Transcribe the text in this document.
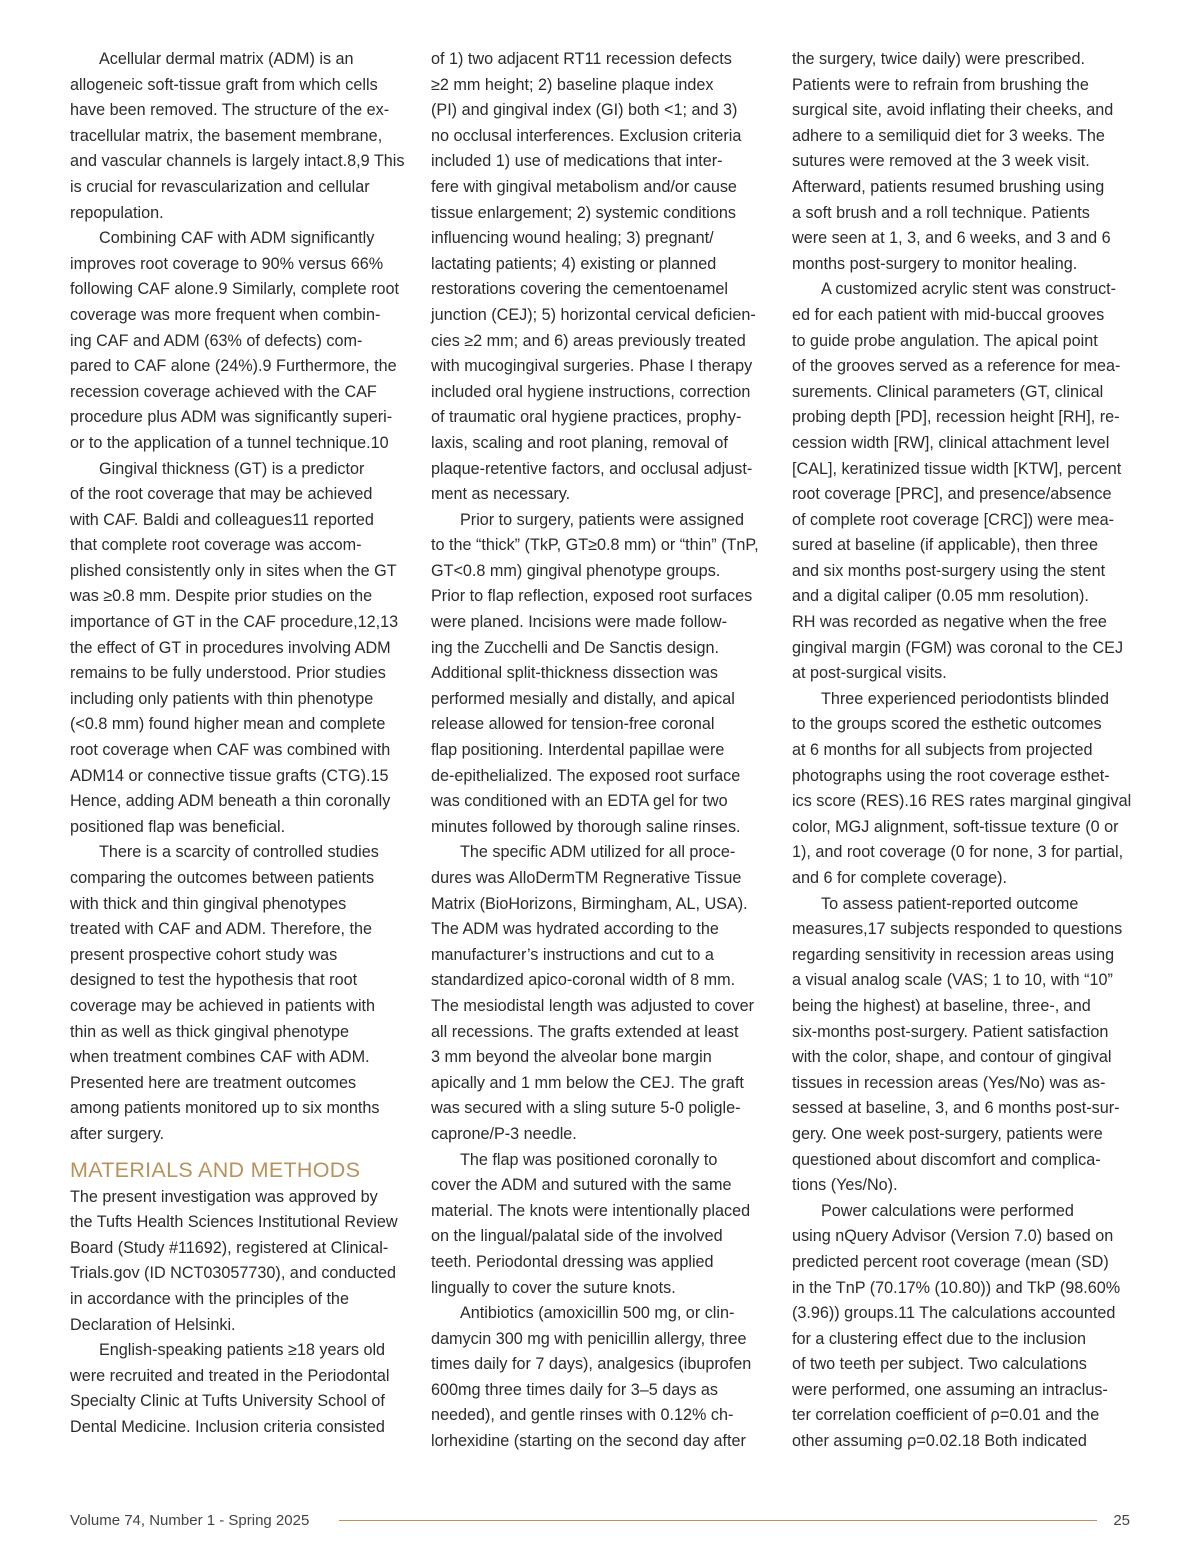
Acellular dermal matrix (ADM) is an
allogeneic soft-tissue graft from which cells
have been removed. The structure of the ex-
tracellular matrix, the basement membrane,
and vascular channels is largely intact.8,9 This
is crucial for revascularization and cellular
repopulation.
Combining CAF with ADM significantly
improves root coverage to 90% versus 66%
following CAF alone.9 Similarly, complete root
coverage was more frequent when combin-
ing CAF and ADM (63% of defects) com-
pared to CAF alone (24%).9 Furthermore, the
recession coverage achieved with the CAF
procedure plus ADM was significantly superi-
or to the application of a tunnel technique.10
Gingival thickness (GT) is a predictor
of the root coverage that may be achieved
with CAF. Baldi and colleagues11 reported
that complete root coverage was accom-
plished consistently only in sites when the GT
was ≥0.8 mm. Despite prior studies on the
importance of GT in the CAF procedure,12,13
the effect of GT in procedures involving ADM
remains to be fully understood. Prior studies
including only patients with thin phenotype
(<0.8 mm) found higher mean and complete
root coverage when CAF was combined with
ADM14 or connective tissue grafts (CTG).15
Hence, adding ADM beneath a thin coronally
positioned flap was beneficial.
There is a scarcity of controlled studies
comparing the outcomes between patients
with thick and thin gingival phenotypes
treated with CAF and ADM. Therefore, the
present prospective cohort study was
designed to test the hypothesis that root
coverage may be achieved in patients with
thin as well as thick gingival phenotype
when treatment combines CAF with ADM.
Presented here are treatment outcomes
among patients monitored up to six months
after surgery.
MATERIALS AND METHODS
The present investigation was approved by
the Tufts Health Sciences Institutional Review
Board (Study #11692), registered at Clinical-
Trials.gov (ID NCT03057730), and conducted
in accordance with the principles of the
Declaration of Helsinki.
English-speaking patients ≥18 years old
were recruited and treated in the Periodontal
Specialty Clinic at Tufts University School of
Dental Medicine. Inclusion criteria consisted
of 1) two adjacent RT11 recession defects
≥2 mm height; 2) baseline plaque index
(PI) and gingival index (GI) both <1; and 3)
no occlusal interferences. Exclusion criteria
included 1) use of medications that inter-
fere with gingival metabolism and/or cause
tissue enlargement; 2) systemic conditions
influencing wound healing; 3) pregnant/
lactating patients; 4) existing or planned
restorations covering the cementoenamel
junction (CEJ); 5) horizontal cervical deficien-
cies ≥2 mm; and 6) areas previously treated
with mucogingival surgeries. Phase I therapy
included oral hygiene instructions, correction
of traumatic oral hygiene practices, prophy-
laxis, scaling and root planing, removal of
plaque-retentive factors, and occlusal adjust-
ment as necessary.
Prior to surgery, patients were assigned
to the “thick” (TkP, GT≥0.8 mm) or “thin” (TnP,
GT<0.8 mm) gingival phenotype groups.
Prior to flap reflection, exposed root surfaces
were planed. Incisions were made follow-
ing the Zucchelli and De Sanctis design.
Additional split-thickness dissection was
performed mesially and distally, and apical
release allowed for tension-free coronal
flap positioning. Interdental papillae were
de-epithelialized. The exposed root surface
was conditioned with an EDTA gel for two
minutes followed by thorough saline rinses.
The specific ADM utilized for all proce-
dures was AlloDermTM Regnerative Tissue
Matrix (BioHorizons, Birmingham, AL, USA).
The ADM was hydrated according to the
manufacturer’s instructions and cut to a
standardized apico-coronal width of 8 mm.
The mesiodistal length was adjusted to cover
all recessions. The grafts extended at least
3 mm beyond the alveolar bone margin
apically and 1 mm below the CEJ. The graft
was secured with a sling suture 5-0 poligle-
caprone/P-3 needle.
The flap was positioned coronally to
cover the ADM and sutured with the same
material. The knots were intentionally placed
on the lingual/palatal side of the involved
teeth. Periodontal dressing was applied
lingually to cover the suture knots.
Antibiotics (amoxicillin 500 mg, or clin-
damycin 300 mg with penicillin allergy, three
times daily for 7 days), analgesics (ibuprofen
600mg three times daily for 3–5 days as
needed), and gentle rinses with 0.12% ch-
lorhexidine (starting on the second day after
the surgery, twice daily) were prescribed.
Patients were to refrain from brushing the
surgical site, avoid inflating their cheeks, and
adhere to a semiliquid diet for 3 weeks. The
sutures were removed at the 3 week visit.
Afterward, patients resumed brushing using
a soft brush and a roll technique. Patients
were seen at 1, 3, and 6 weeks, and 3 and 6
months post-surgery to monitor healing.
A customized acrylic stent was construct-
ed for each patient with mid-buccal grooves
to guide probe angulation. The apical point
of the grooves served as a reference for mea-
surements. Clinical parameters (GT, clinical
probing depth [PD], recession height [RH], re-
cession width [RW], clinical attachment level
[CAL], keratinized tissue width [KTW], percent
root coverage [PRC], and presence/absence
of complete root coverage [CRC]) were mea-
sured at baseline (if applicable), then three
and six months post-surgery using the stent
and a digital caliper (0.05 mm resolution).
RH was recorded as negative when the free
gingival margin (FGM) was coronal to the CEJ
at post-surgical visits.
Three experienced periodontists blinded
to the groups scored the esthetic outcomes
at 6 months for all subjects from projected
photographs using the root coverage esthet-
ics score (RES).16 RES rates marginal gingival
color, MGJ alignment, soft-tissue texture (0 or
1), and root coverage (0 for none, 3 for partial,
and 6 for complete coverage).
To assess patient-reported outcome
measures,17 subjects responded to questions
regarding sensitivity in recession areas using
a visual analog scale (VAS; 1 to 10, with “10”
being the highest) at baseline, three-, and
six-months post-surgery. Patient satisfaction
with the color, shape, and contour of gingival
tissues in recession areas (Yes/No) was as-
sessed at baseline, 3, and 6 months post-sur-
gery. One week post-surgery, patients were
questioned about discomfort and complica-
tions (Yes/No).
Power calculations were performed
using nQuery Advisor (Version 7.0) based on
predicted percent root coverage (mean (SD)
in the TnP (70.17% (10.80)) and TkP (98.60%
(3.96)) groups.11 The calculations accounted
for a clustering effect due to the inclusion
of two teeth per subject. Two calculations
were performed, one assuming an intraclus-
ter correlation coefficient of ρ=0.01 and the
other assuming ρ=0.02.18 Both indicated
Volume 74, Number 1 - Spring 2025	25
